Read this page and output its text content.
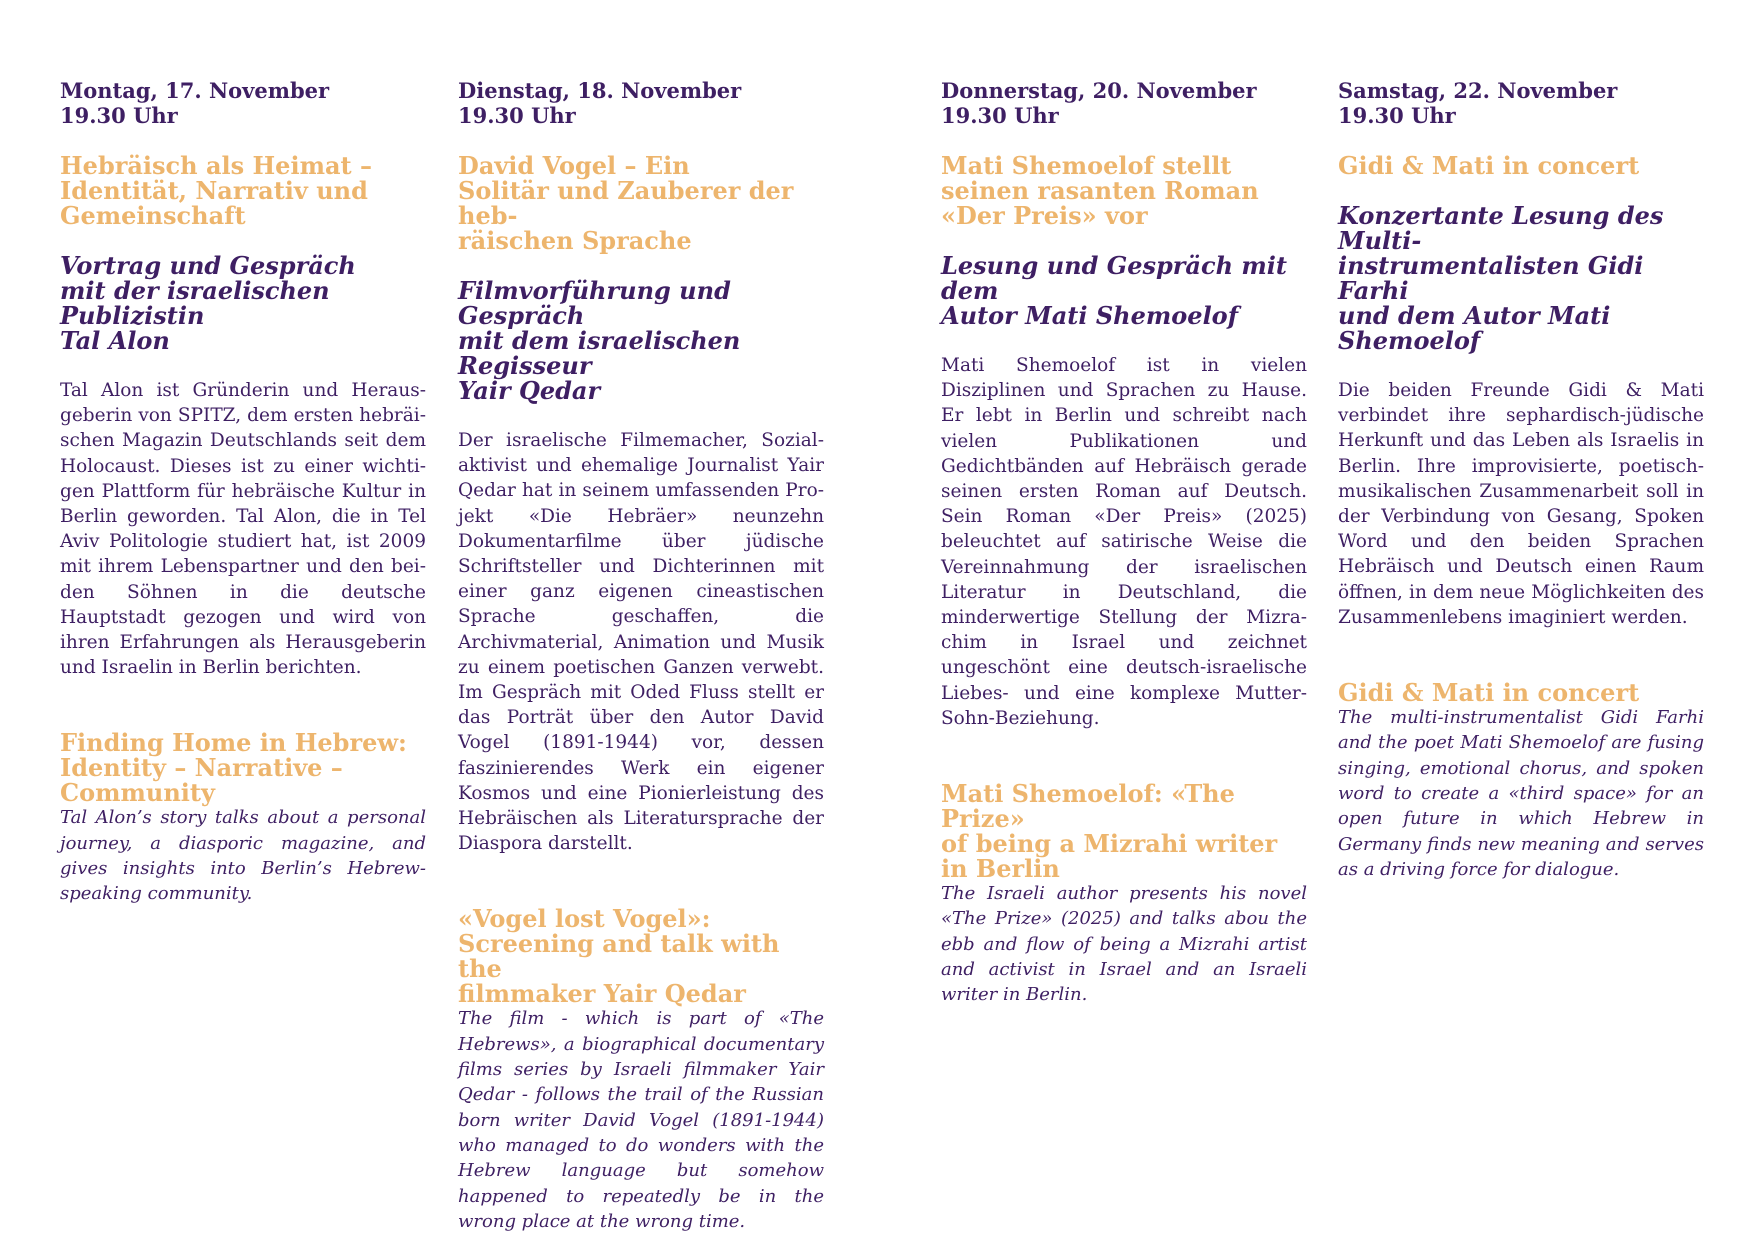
Montag, 17. November
19.30 Uhr
Hebräisch als Heimat –
Identität, Narrativ und
Gemeinschaft
Vortrag und Gespräch
mit der israelischen Publizistin
Tal Alon
Tal Alon ist Gründerin und Herausgeberin von SPITZ, dem ersten hebräischen Magazin Deutschlands seit dem Holocaust. Dieses ist zu einer wichtigen Plattform für hebräische Kultur in Berlin geworden. Tal Alon, die in Tel Aviv Politologie studiert hat, ist 2009 mit ihrem Lebenspartner und den beiden Söhnen in die deutsche Hauptstadt gezogen und wird von ihren Erfahrungen als Herausgeberin und Israelin in Berlin berichten.
Finding Home in Hebrew:
Identity – Narrative –
Community
Tal Alon’s story talks about a personal journey, a diasporic magazine, and gives insights into Berlin’s Hebrew-speaking community.
Dienstag, 18. November
19.30 Uhr
David Vogel – Ein
Solitär und Zauberer der heb-
räischen Sprache
Filmvorführung und Gespräch
mit dem israelischen Regisseur
Yair Qedar
Der israelische Filmemacher, Sozialaktivist und ehemalige Journalist Yair Qedar hat in seinem umfassenden Projekt «Die Hebräer» neunzehn Dokumentarfilme über jüdische Schriftsteller und Dichterinnen mit einer ganz eigenen cineastischen Sprache geschaffen, die Archivmaterial, Animation und Musik zu einem poetischen Ganzen verwebt. Im Gespräch mit Oded Fluss stellt er das Porträt über den Autor David Vogel (1891-1944) vor, dessen faszinierendes Werk ein eigener Kosmos und eine Pionierleistung des Hebräischen als Literatursprache der Diaspora darstellt.
«Vogel lost Vogel»:
Screening and talk with the
filmmaker Yair Qedar
The film - which is part of «The Hebrews», a biographical documentary films series by Israeli filmmaker Yair Qedar - follows the trail of the Russian born writer David Vogel (1891-1944) who managed to do wonders with the Hebrew language but somehow happened to repeatedly be in the wrong place at the wrong time.
Donnerstag, 20. November
19.30 Uhr
Mati Shemoelof stellt
seinen rasanten Roman
«Der Preis» vor
Lesung und Gespräch mit dem
Autor Mati Shemoelof
Mati Shemoelof ist in vielen Disziplinen und Sprachen zu Hause. Er lebt in Berlin und schreibt nach vielen Publikationen und Gedichtbänden auf Hebräisch gerade seinen ersten Roman auf Deutsch. Sein Roman «Der Preis» (2025) beleuchtet auf satirische Weise die Vereinnahmung der israelischen Literatur in Deutschland, die minderwertige Stellung der Mizrachim in Israel und zeichnet ungeschönt eine deutsch-israelische Liebes- und eine komplexe Mutter-Sohn-Beziehung.
Mati Shemoelof: «The Prize»
of being a Mizrahi writer
in Berlin
The Israeli author presents his novel «The Prize» (2025) and talks abou the ebb and flow of being a Mizrahi artist and activist in Israel and an Israeli writer in Berlin.
Samstag, 22. November
19.30 Uhr
Gidi & Mati in concert
Konzertante Lesung des Multi-
instrumentalisten Gidi Farhi
und dem Autor Mati Shemoelof
Die beiden Freunde Gidi & Mati verbindet ihre sephardisch-jüdische Herkunft und das Leben als Israelis in Berlin. Ihre improvisierte, poetisch-musikalischen Zusammenarbeit soll in der Verbindung von Gesang, Spoken Word und den beiden Sprachen Hebräisch und Deutsch einen Raum öffnen, in dem neue Möglichkeiten des Zusammenlebens imaginiert werden.
Gidi & Mati in concert
The multi-instrumentalist Gidi Farhi and the poet Mati Shemoelof are fusing singing, emotional chorus, and spoken word to create a «third space» for an open future in which Hebrew in Germany finds new meaning and serves as a driving force for dialogue.
